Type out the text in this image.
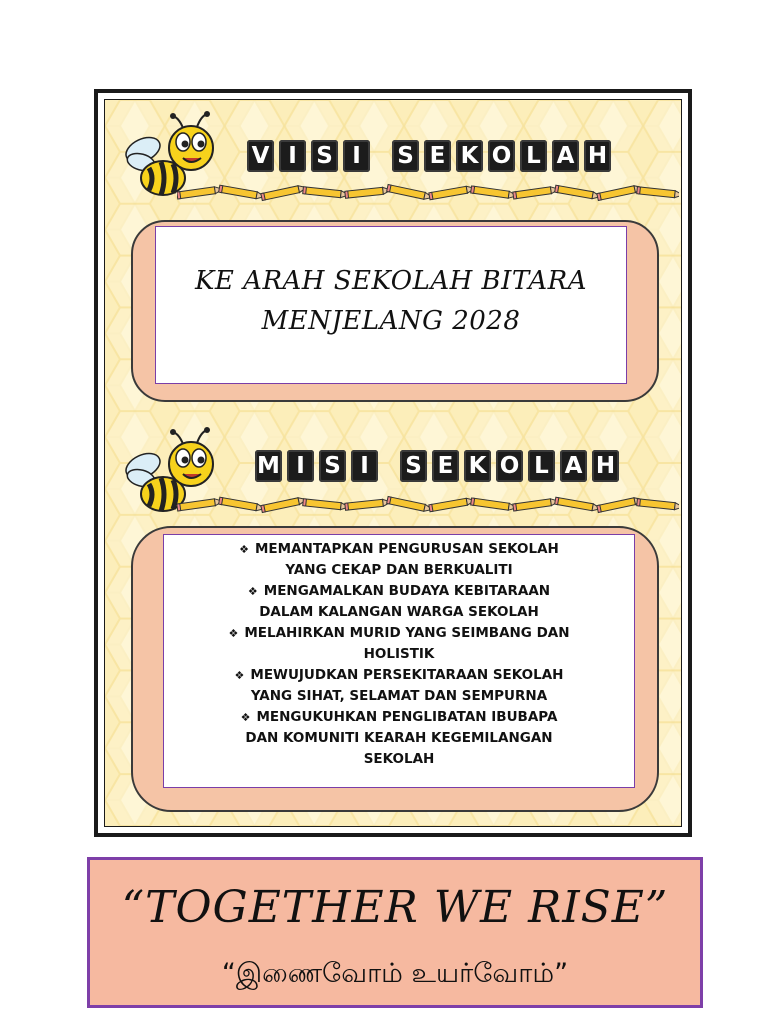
V I S I	S E K O L A H
KE ARAH SEKOLAH BITARA
MENJELANG 2028
M I S I	S E K O L A H
❖ MEMANTAPKAN PENGURUSAN SEKOLAH
YANG CEKAP DAN BERKUALITI
❖ MENGAMALKAN BUDAYA KEBITARAAN
DALAM KALANGAN WARGA SEKOLAH
❖ MELAHIRKAN MURID YANG SEIMBANG DAN
HOLISTIK
❖ MEWUJUDKAN PERSEKITARAAN SEKOLAH
YANG SIHAT, SELAMAT DAN SEMPURNA
❖ MENGUKUHKAN PENGLIBATAN IBUBAPA
DAN KOMUNITI KEARAH KEGEMILANGAN
SEKOLAH
“TOGETHER WE RISE”
“இணைவோம் உயர்வோம்”
